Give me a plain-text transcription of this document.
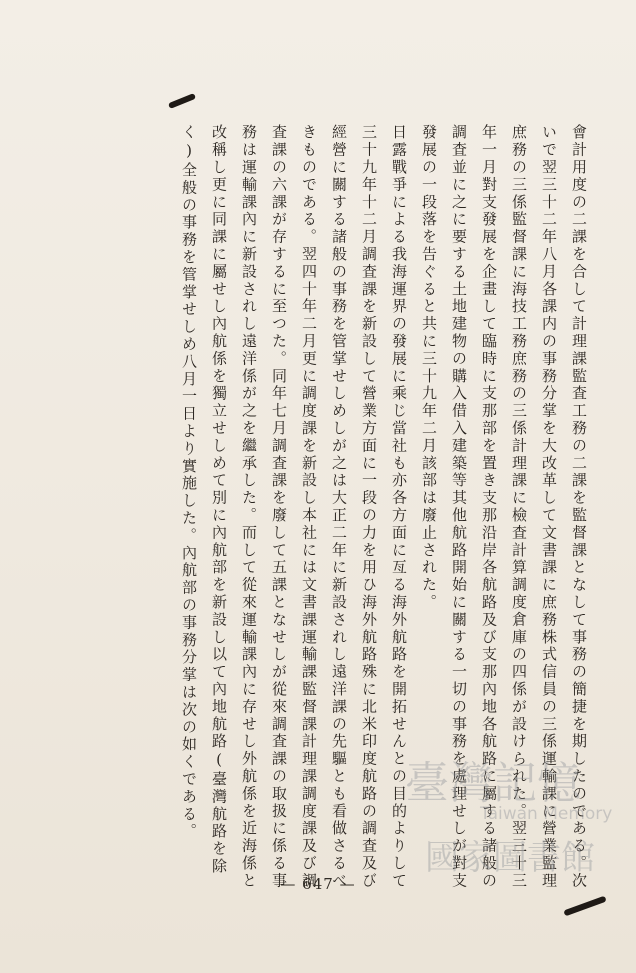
會計用度の二課を合して計理課監査工務の二課を監督課となして事務の簡捷を期したのである。次いで翌三十二年八月各課内の事務分掌を大改革して文書課に庶務株式信員の三係運輸課に營業監理庶務の三係監督課に海技工務庶務の三係計理課に檢査計算調度倉庫の四係が設けられた。翌三十三年一月對支發展を企畫して臨時に支那部を置き支那沿岸各航路及び支那內地各航路に屬する諸般の調査並に之に要する土地建物の購入借入建築等其他航路開始に關する一切の事務を處理せしが對支發展の一段落を告ぐると共に三十九年二月該部は廢止された。

日露戰爭による我海運界の發展に乘じ當社も亦各方面に亙る海外航路を開拓せんとの目的よりして三十九年十二月調査課を新設して營業方面に一段の力を用ひ海外航路殊に北米印度航路の調査及び經營に關する諸般の事務を管掌せしめしが之は大正二年に新設されし遠洋課の先驅とも看做さるべきものである。翌四十年二月更に調度課を新設し本社には文書課運輸課監督課計理課調度課及び調査課の六課が存するに至つた。同年七月調査課を廢して五課となせしが從來調査課の取扱に係る事務は運輸課內に新設されし遠洋係が之を繼承した。而して從來運輸課內に存せし外航係を近海係と改稱し更に同課に屬せし內航係を獨立せしめて別に內航部を新設し以て內地航路(臺灣航路を除く)全般の事務を管掌せしめ八月一日より實施した。內航部の事務分掌は次の如くである。	臺灣記憶
Taiwan Memory
國家圖書館
— 647 —
